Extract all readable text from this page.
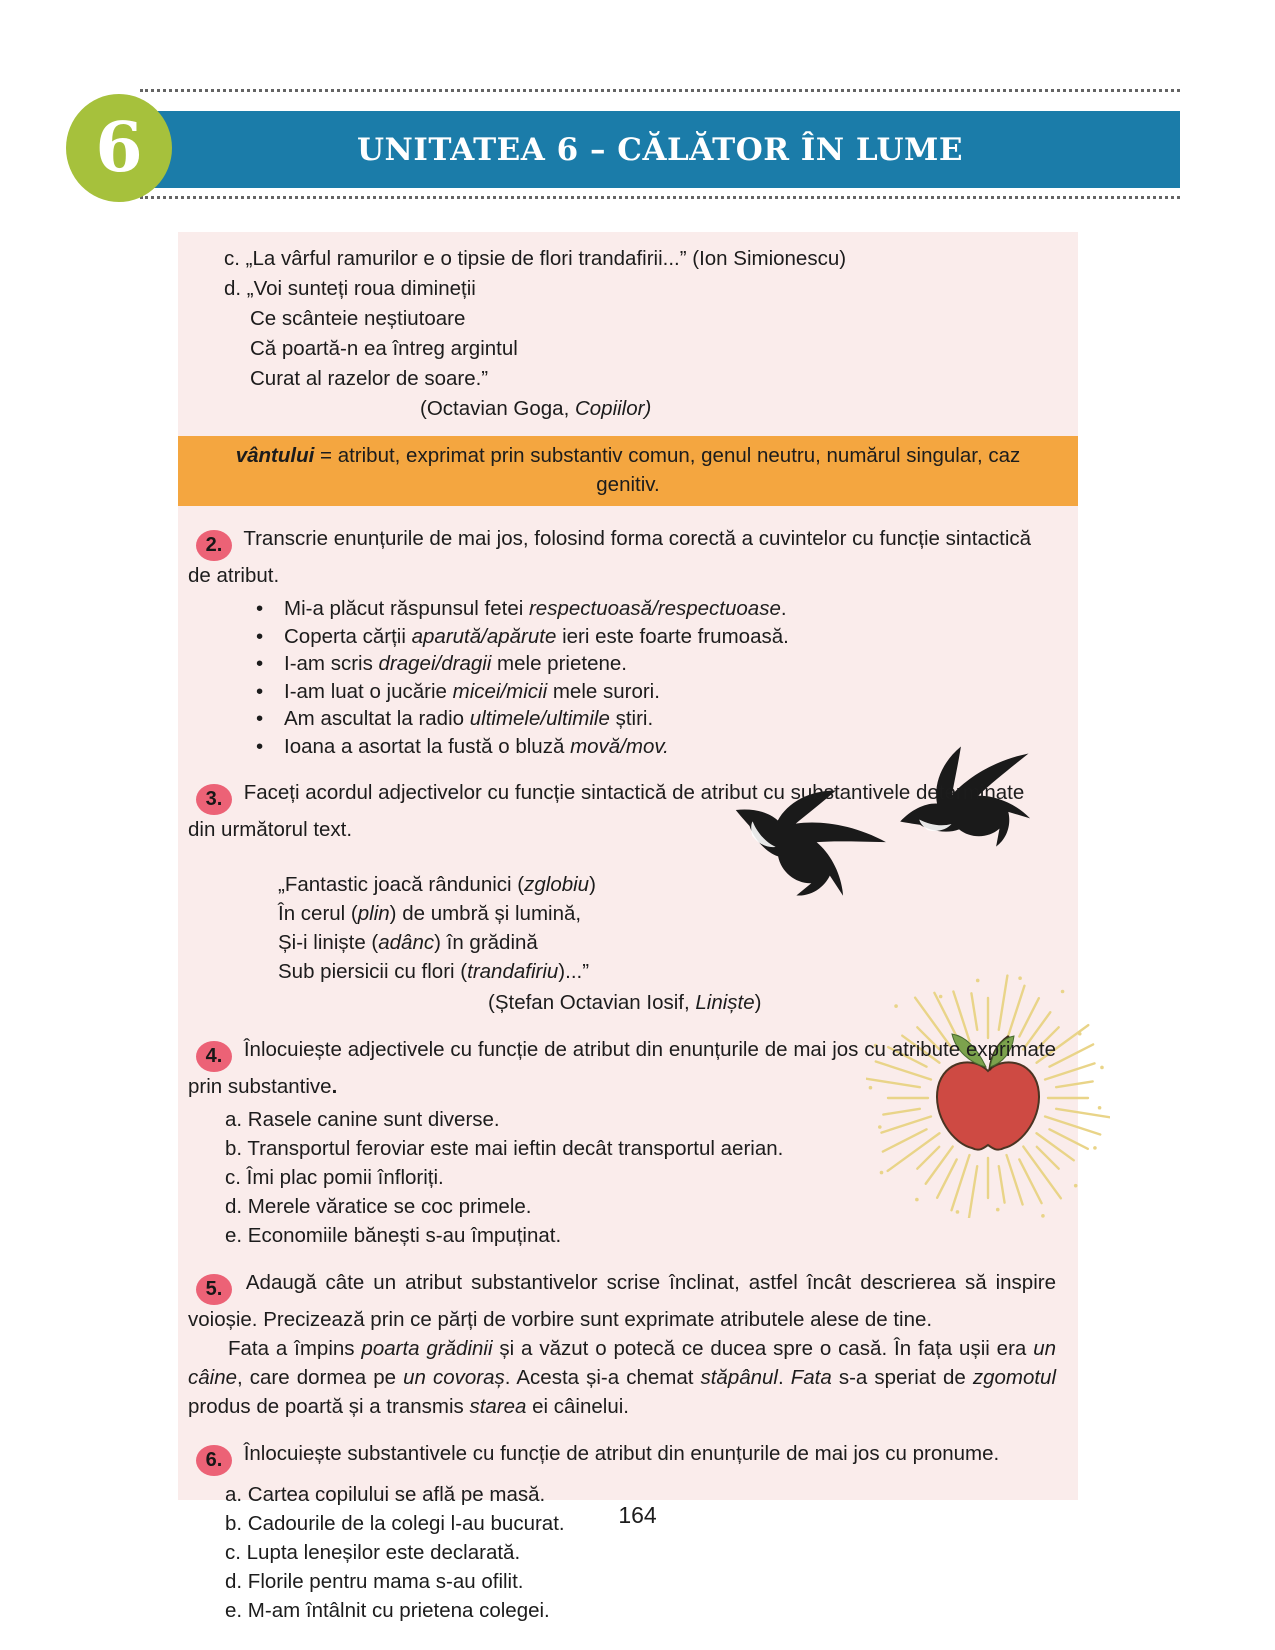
UNITATEA 6 – CĂLĂTOR ÎN LUME
6

c. „La vârful ramurilor e o tipsie de flori trandafirii...” (Ion Simionescu)

d. „Voi sunteți roua dimineții

Ce scânteie neștiutoare

Că poartă-n ea întreg argintul

Curat al razelor de soare.”

(Octavian Goga, Copiilor)

vântului = atribut, exprimat prin substantiv comun, genul neutru, numărul singular, caz genitiv.

2. Transcrie enunțurile de mai jos, folosind forma corectă a cuvintelor cu funcție sintactică de atribut.

• Mi-a plăcut răspunsul fetei respectuoasă/respectuoase.
• Coperta cărții aparută/apărute ieri este foarte frumoasă.
• I-am scris dragei/dragii mele prietene.
• I-am luat o jucărie micei/micii mele surori.
• Am ascultat la radio ultimele/ultimile știri.
• Ioana a asortat la fustă o bluză movă/mov.

3. Faceți acordul adjectivelor cu funcție sintactică de atribut cu substantivele determinate din următorul text.

„Fantastic joacă rândunici (zglobiu)
În cerul (plin) de umbră și lumină,
Și-i liniște (adânc) în grădină
Sub piersicii cu flori (trandafiriu)...”

(Ștefan Octavian Iosif, Liniște)

4. Înlocuiește adjectivele cu funcție de atribut din enunțurile de mai jos cu atribute exprimate prin substantive.

a. Rasele canine sunt diverse.
b. Transportul feroviar este mai ieftin decât transportul aerian.
c. Îmi plac pomii înfloriți.
d. Merele văratice se coc primele.
e. Economiile bănești s-au împuținat.

5. Adaugă câte un atribut substantivelor scrise înclinat, astfel încât descrierea să inspire voioșie. Precizează prin ce părți de vorbire sunt exprimate atributele alese de tine.

Fata a împins poarta grădinii și a văzut o potecă ce ducea spre o casă. În fața ușii era un câine, care dormea pe un covoraș. Acesta și-a chemat stăpânul. Fata s-a speriat de zgomotul produs de poartă și a transmis starea ei câinelui.

6. Înlocuiește substantivele cu funcție de atribut din enunțurile de mai jos cu pronume.

a. Cartea copilului se află pe masă.
b. Cadourile de la colegi l-au bucurat.
c. Lupta leneșilor este declarată.
d. Florile pentru mama s-au ofilit.
e. M-am întâlnit cu prietena colegei.
164
